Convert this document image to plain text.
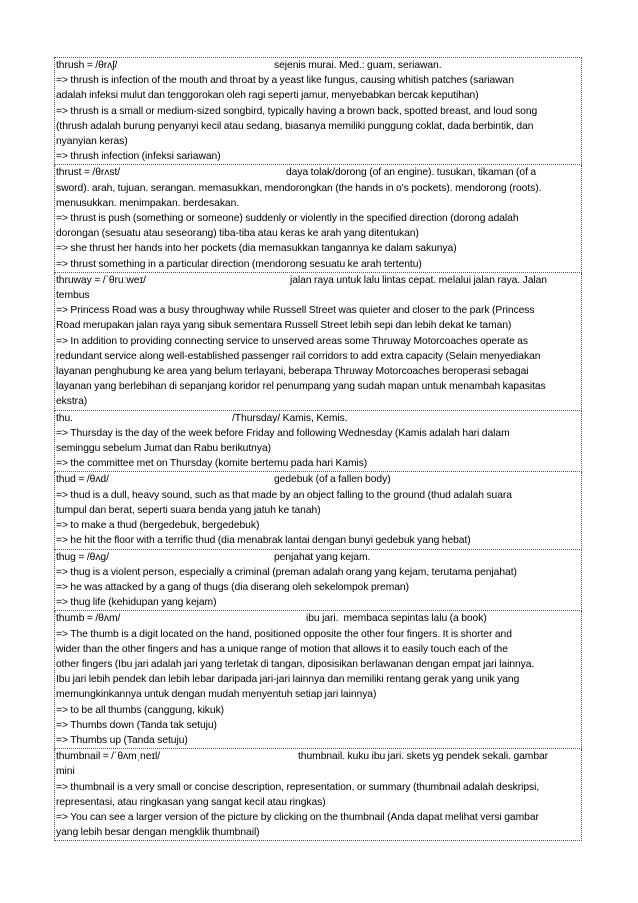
thrush = /θrʌʃ/	sejenis murai. Med.: guam, seriawan.
=> thrush is infection of the mouth and throat by a yeast like fungus, causing whitish patches (sariawan
adalah infeksi mulut dan tenggorokan oleh ragi seperti jamur, menyebabkan bercak keputihan)
=> thrush is a small or medium-sized songbird, typically having a brown back, spotted breast, and loud song
(thrush adalah burung penyanyi kecil atau sedang, biasanya memiliki punggung coklat, dada berbintik, dan
nyanyian keras)
=> thrush infection (infeksi sariawan)
thrust = /θrʌst/	daya tolak/dorong (of an engine). tusukan, tikaman (of a
sword). arah, tujuan. serangan. memasukkan, mendorongkan (the hands in o's pockets). mendorong (roots).
menusukkan. menimpakan. berdesakan.
=> thrust is push (something or someone) suddenly or violently in the specified direction (dorong adalah
dorongan (sesuatu atau seseorang) tiba-tiba atau keras ke arah yang ditentukan)
=> she thrust her hands into her pockets (dia memasukkan tangannya ke dalam sakunya)
=> thrust something in a particular direction (mendorong sesuatu ke arah tertentu)
thruway = /ˈθruːweɪ/	jalan raya untuk lalu lintas cepat. melalui jalan raya. Jalan
tembus
=> Princess Road was a busy throughway while Russell Street was quieter and closer to the park (Princess
Road merupakan jalan raya yang sibuk sementara Russell Street lebih sepi dan lebih dekat ke taman)
=> In addition to providing connecting service to unserved areas some Thruway Motorcoaches operate as
redundant service along well-established passenger rail corridors to add extra capacity (Selain menyediakan
layanan penghubung ke area yang belum terlayani, beberapa Thruway Motorcoaches beroperasi sebagai
layanan yang berlebihan di sepanjang koridor rel penumpang yang sudah mapan untuk menambah kapasitas
ekstra)
thu.	/Thursday/ Kamis, Kemis.
=> Thursday is the day of the week before Friday and following Wednesday (Kamis adalah hari dalam
seminggu sebelum Jumat dan Rabu berikutnya)
=> the committee met on Thursday (komite bertemu pada hari Kamis)
thud = /θʌd/	gedebuk (of a fallen body)
=> thud is a dull, heavy sound, such as that made by an object falling to the ground (thud adalah suara
tumpul dan berat, seperti suara benda yang jatuh ke tanah)
=> to make a thud (bergedebuk, bergedebuk)
=> he hit the floor with a terrific thud (dia menabrak lantai dengan bunyi gedebuk yang hebat)
thug = /θʌg/	penjahat yang kejam.
=> thug is a violent person, especially a criminal (preman adalah orang yang kejam, terutama penjahat)
=> he was attacked by a gang of thugs (dia diserang oleh sekelompok preman)
=> thug life (kehidupan yang kejam)
thumb = /θʌm/	ibu jari.  membaca sepintas lalu (a book)
=> The thumb is a digit located on the hand, positioned opposite the other four fingers. It is shorter and
wider than the other fingers and has a unique range of motion that allows it to easily touch each of the
other fingers (Ibu jari adalah jari yang terletak di tangan, diposisikan berlawanan dengan empat jari lainnya.
Ibu jari lebih pendek dan lebih lebar daripada jari-jari lainnya dan memiliki rentang gerak yang unik yang
memungkinkannya untuk dengan mudah menyentuh setiap jari lainnya)
=> to be all thumbs (canggung, kikuk)
=> Thumbs down (Tanda tak setuju)
=> Thumbs up (Tanda setuju)
thumbnail = /ˈθʌmˌneɪl/	thumbnail. kuku ibu jari. skets yg pendek sekali. gambar
mini
=> thumbnail is a very small or concise description, representation, or summary (thumbnail adalah deskripsi,
representasi, atau ringkasan yang sangat kecil atau ringkas)
=> You can see a larger version of the picture by clicking on the thumbnail (Anda dapat melihat versi gambar
yang lebih besar dengan mengklik thumbnail)
